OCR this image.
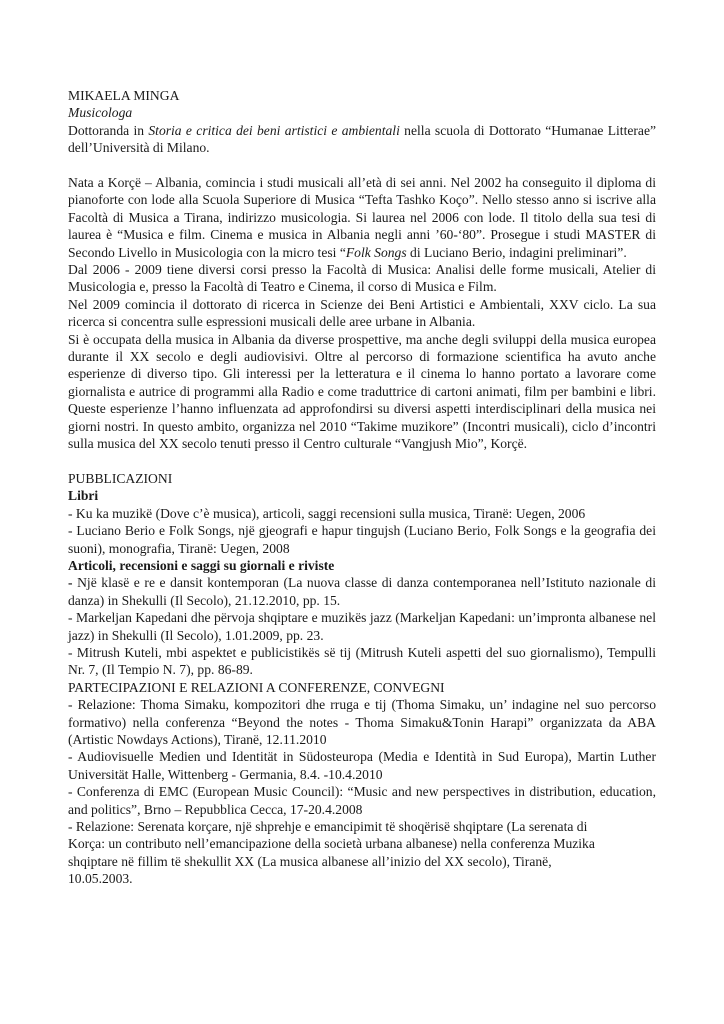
MIKAELA MINGA

Musicologa

Dottoranda in Storia e critica dei beni artistici e ambientali nella scuola di Dottorato “Humanae Litterae” dell’Università di Milano.

Nata a Korçë – Albania, comincia i studi musicali all’età di sei anni. Nel 2002 ha conseguito il diploma di pianoforte con lode alla Scuola Superiore di Musica “Tefta Tashko Koço”. Nello stesso anno si iscrive alla Facoltà di Musica a Tirana, indirizzo musicologia. Si laurea nel 2006 con lode. Il titolo della sua tesi di laurea è “Musica e film. Cinema e musica in Albania negli anni ’60-‘80”. Prosegue i studi MASTER di Secondo Livello in Musicologia con la micro tesi “Folk Songs di Luciano Berio, indagini preliminari”.

Dal 2006 - 2009 tiene diversi corsi presso la Facoltà di Musica: Analisi delle forme musicali, Atelier di Musicologia e, presso la Facoltà di Teatro e Cinema, il corso di Musica e Film.

Nel 2009 comincia il dottorato di ricerca in Scienze dei Beni Artistici e Ambientali, XXV ciclo. La sua ricerca si concentra sulle espressioni musicali delle aree urbane in Albania.

Si è occupata della musica in Albania da diverse prospettive, ma anche degli sviluppi della musica europea durante il XX secolo e degli audiovisivi. Oltre al percorso di formazione scientifica ha avuto anche esperienze di diverso tipo. Gli interessi per la letteratura e il cinema lo hanno portato a lavorare come giornalista e autrice di programmi alla Radio e come traduttrice di cartoni animati, film per bambini e libri. Queste esperienze l’hanno influenzata ad approfondirsi su diversi aspetti interdisciplinari della musica nei giorni nostri. In questo ambito, organizza nel 2010 “Takime muzikore” (Incontri musicali), ciclo d’incontri sulla musica del XX secolo tenuti presso il Centro culturale “Vangjush Mio”, Korçë.

PUBBLICAZIONI

Libri

- Ku ka muzikë (Dove c’è musica), articoli, saggi recensioni sulla musica, Tiranë: Uegen, 2006

- Luciano Berio e Folk Songs, një gjeografi e hapur tingujsh (Luciano Berio, Folk Songs e la geografia dei suoni), monografia, Tiranë: Uegen, 2008

Articoli, recensioni e saggi su giornali e riviste

- Një klasë e re e dansit kontemporan (La nuova classe di danza contemporanea nell’Istituto nazionale di danza) in Shekulli (Il Secolo), 21.12.2010, pp. 15.

- Markeljan Kapedani dhe përvoja shqiptare e muzikës jazz (Markeljan Kapedani: un’impronta albanese nel jazz) in Shekulli (Il Secolo), 1.01.2009, pp. 23.

- Mitrush Kuteli, mbi aspektet e publicistikës së tij (Mitrush Kuteli aspetti del suo giornalismo), Tempulli Nr. 7, (Il Tempio N. 7), pp. 86-89.

PARTECIPAZIONI E RELAZIONI A CONFERENZE, CONVEGNI

- Relazione: Thoma Simaku, kompozitori dhe rruga e tij (Thoma Simaku, un’ indagine nel suo percorso formativo) nella conferenza “Beyond the notes - Thoma Simaku&Tonin Harapi” organizzata da ABA (Artistic Nowdays Actions), Tiranë, 12.11.2010

- Audiovisuelle Medien und Identität in Südosteuropa (Media e Identità in Sud Europa), Martin Luther Universität Halle, Wittenberg - Germania, 8.4. -10.4.2010

- Conferenza di EMC (European Music Council): “Music and new perspectives in distribution, education, and politics”, Brno – Repubblica Cecca, 17-20.4.2008

- Relazione: Serenata korçare, një shprehje e emancipimit të shoqërisë shqiptare (La serenata di

Korça: un contributo nell’emancipazione della società urbana albanese) nella conferenza Muzika

shqiptare në fillim të shekullit XX (La musica albanese all’inizio del XX secolo), Tiranë,

10.05.2003.
